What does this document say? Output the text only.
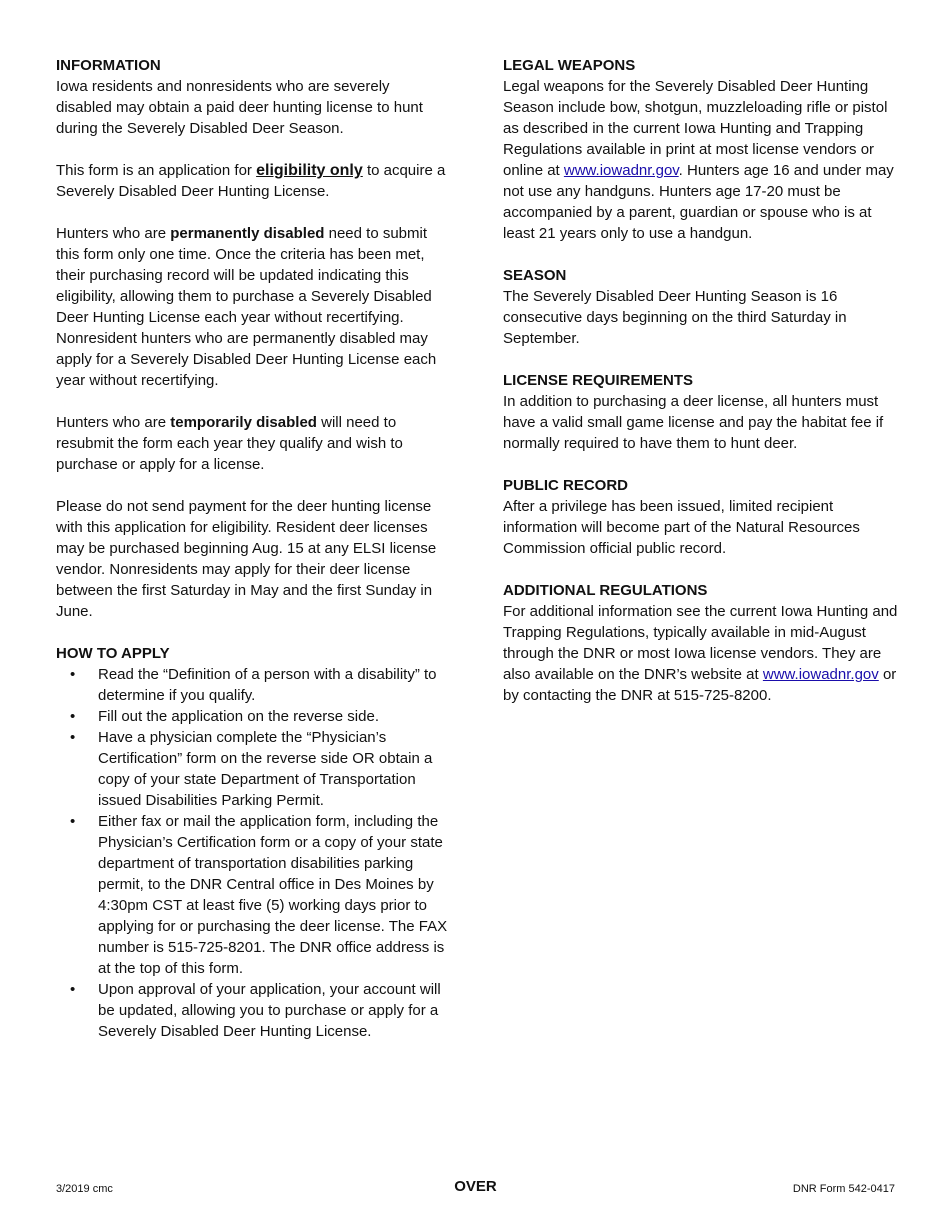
INFORMATION

Iowa residents and nonresidents who are severely disabled may obtain a paid deer hunting license to hunt during the Severely Disabled Deer Season.

This form is an application for eligibility only to acquire a Severely Disabled Deer Hunting License.

Hunters who are permanently disabled need to submit this form only one time. Once the criteria has been met, their purchasing record will be updated indicating this eligibility, allowing them to purchase a Severely Disabled Deer Hunting License each year without recertifying. Nonresident hunters who are permanently disabled may apply for a Severely Disabled Deer Hunting License each year without recertifying.

Hunters who are temporarily disabled will need to resubmit the form each year they qualify and wish to purchase or apply for a license.

Please do not send payment for the deer hunting license with this application for eligibility. Resident deer licenses may be purchased beginning Aug. 15 at any ELSI license vendor. Nonresidents may apply for their deer license between the first Saturday in May and the first Sunday in June.

HOW TO APPLY
• Read the “Definition of a person with a disability” to determine if you qualify.
• Fill out the application on the reverse side.
• Have a physician complete the “Physician’s Certification” form on the reverse side OR obtain a copy of your state Department of Transportation issued Disabilities Parking Permit.
• Either fax or mail the application form, including the Physician’s Certification form or a copy of your state department of transportation disabilities parking permit, to the DNR Central office in Des Moines by 4:30pm CST at least five (5) working days prior to applying for or purchasing the deer license. The FAX number is 515-725-8201. The DNR office address is at the top of this form.
• Upon approval of your application, your account will be updated, allowing you to purchase or apply for a Severely Disabled Deer Hunting License.
LEGAL WEAPONS
Legal weapons for the Severely Disabled Deer Hunting Season include bow, shotgun, muzzleloading rifle or pistol as described in the current Iowa Hunting and Trapping Regulations available in print at most license vendors or online at www.iowadnr.gov. Hunters age 16 and under may not use any handguns. Hunters age 17-20 must be accompanied by a parent, guardian or spouse who is at least 21 years only to use a handgun.
SEASON
The Severely Disabled Deer Hunting Season is 16 consecutive days beginning on the third Saturday in September.
LICENSE REQUIREMENTS
In addition to purchasing a deer license, all hunters must have a valid small game license and pay the habitat fee if normally required to have them to hunt deer.
PUBLIC RECORD
After a privilege has been issued, limited recipient information will become part of the Natural Resources Commission official public record.
ADDITIONAL REGULATIONS
For additional information see the current Iowa Hunting and Trapping Regulations, typically available in mid-August through the DNR or most Iowa license vendors. They are also available on the DNR’s website at www.iowadnr.gov or by contacting the DNR at 515-725-8200.
3/2019 cmc	OVER	DNR Form 542-0417
